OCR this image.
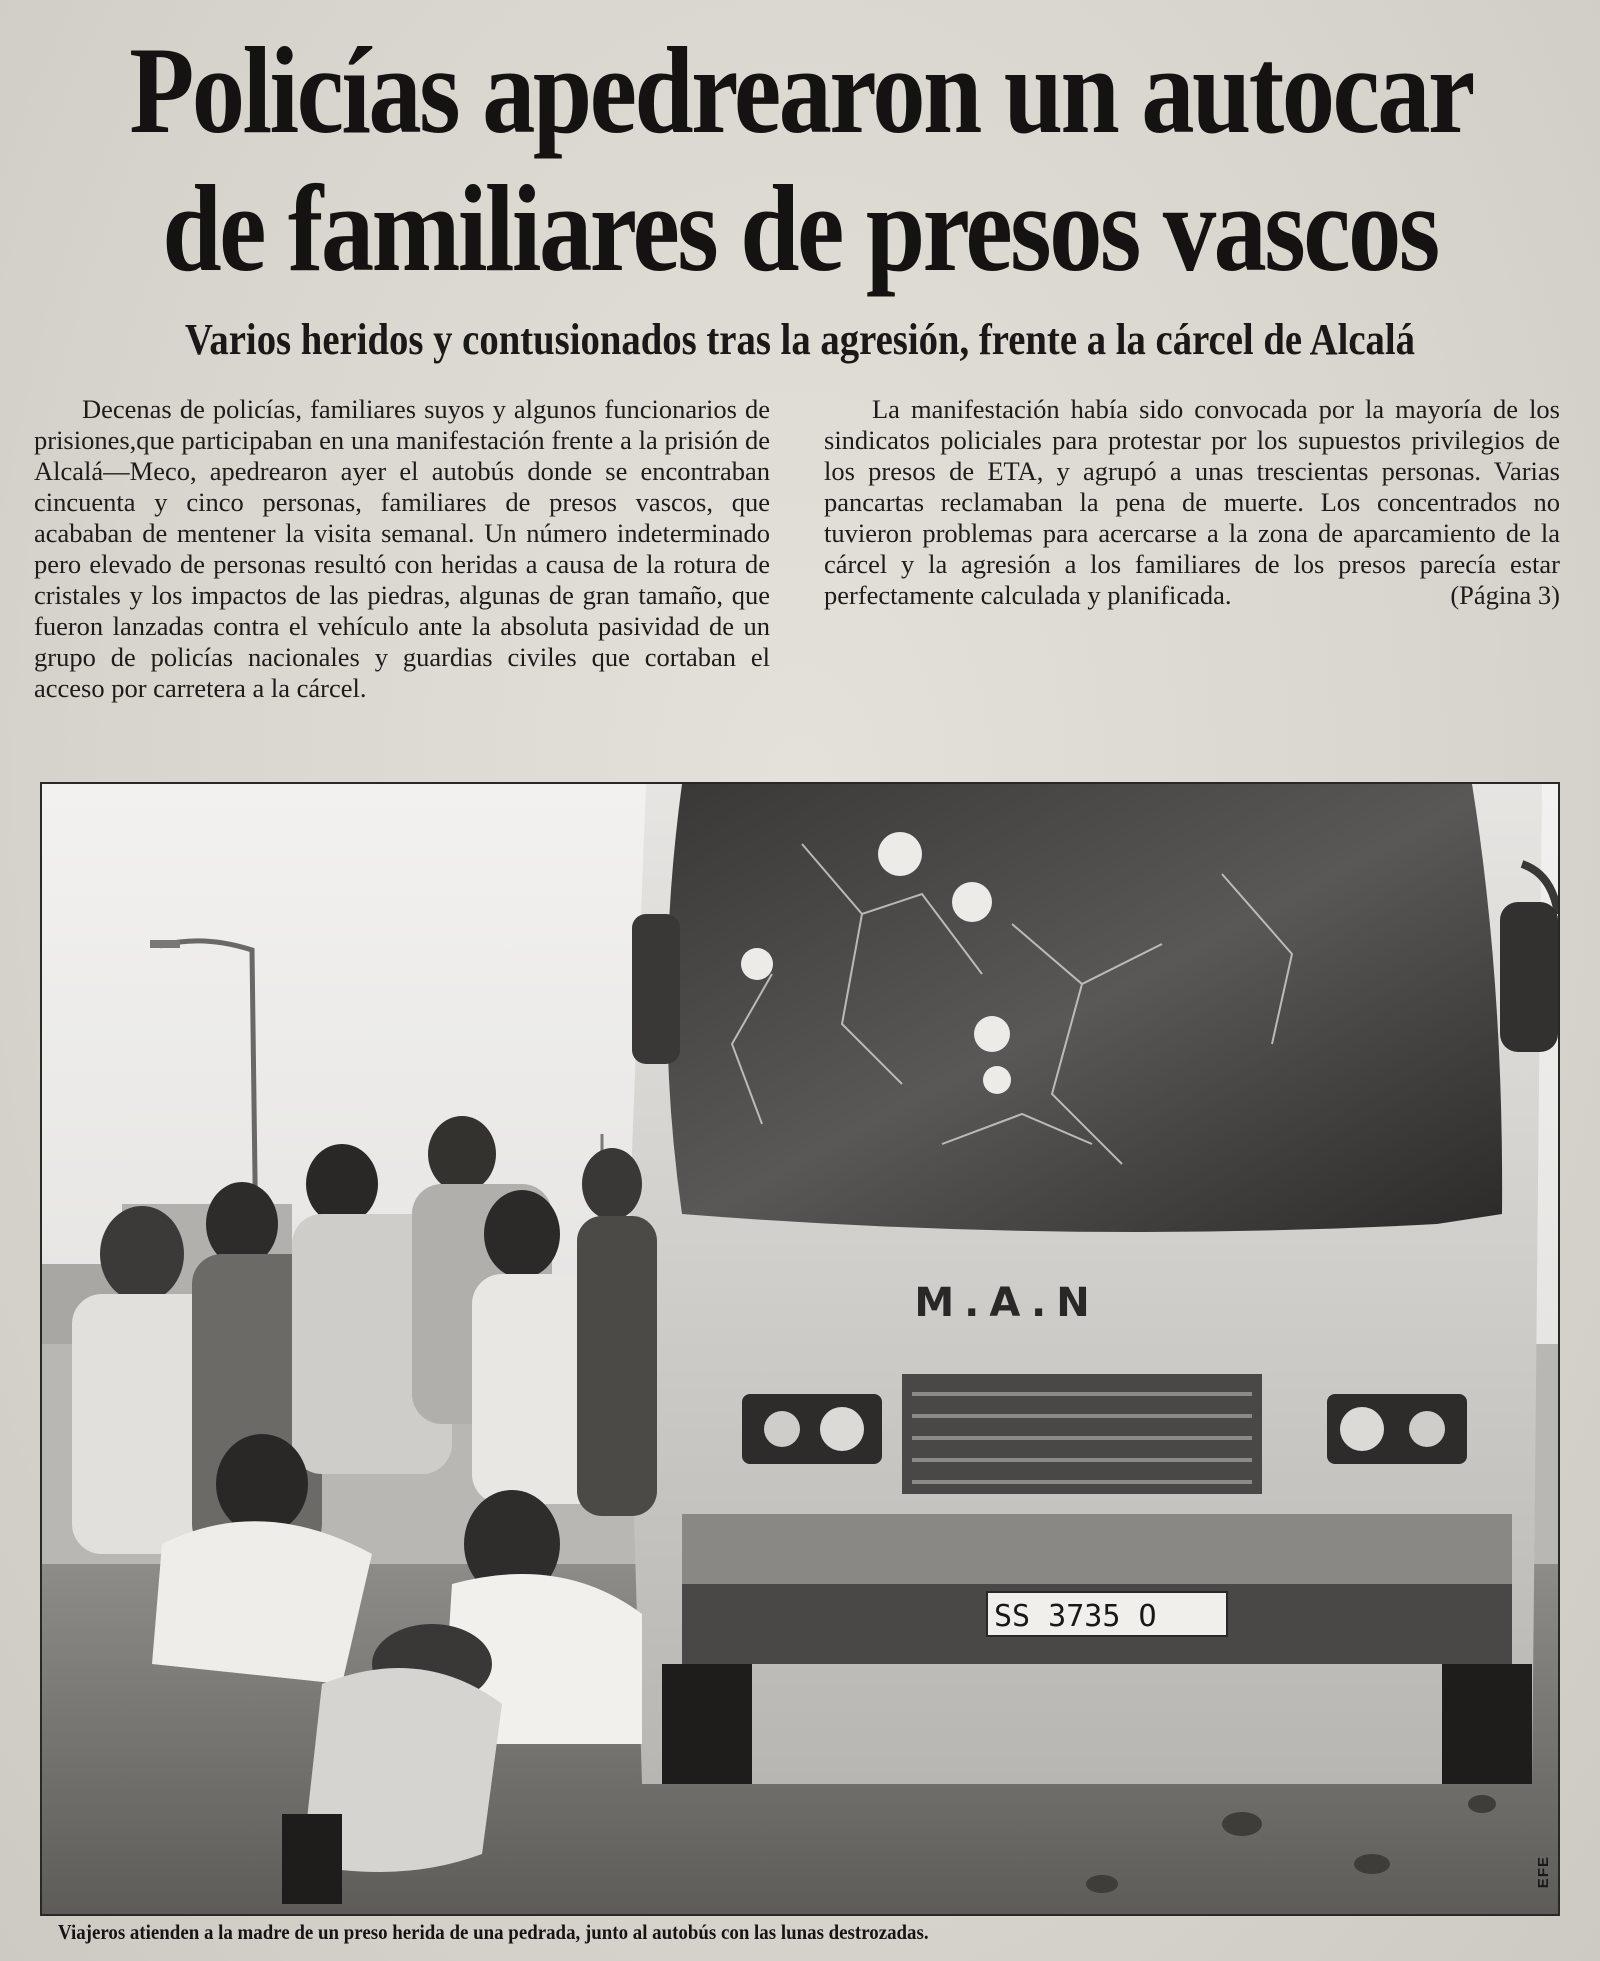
Policías apedrearon un autocar
de familiares de presos vascos
Varios heridos y contusionados tras la agresión, frente a la cárcel de Alcalá

Decenas de policías, familiares suyos y algunos funcionarios de prisiones,que participaban en una manifestación frente a la prisión de Alcalá—Meco, apedrearon ayer el autobús donde se encontraban cincuenta y cinco personas, familiares de presos vascos, que acababan de mentener la visita semanal. Un número indeterminado pero elevado de personas resultó con heridas a causa de la rotura de cristales y los impactos de las piedras, algunas de gran tamaño, que fueron lanzadas contra el vehículo ante la absoluta pasividad de un grupo de policías nacionales y guardias civiles que cortaban el acceso por carretera a la cárcel.

La manifestación había sido convocada por la mayoría de los sindicatos policiales para protestar por los supuestos privilegios de los presos de ETA, y agrupó a unas trescientas personas. Varias pancartas reclamaban la pena de muerte. Los concentrados no tuvieron problemas para acercarse a la zona de aparcamiento de la cárcel y la agresión a los familiares de los presos parecía estar perfectamente calculada y planificada.	(Página 3)

M.A.N
SS 3735 O
EFE

Viajeros atienden a la madre de un preso herida de una pedrada, junto al autobús con las lunas destrozadas.
